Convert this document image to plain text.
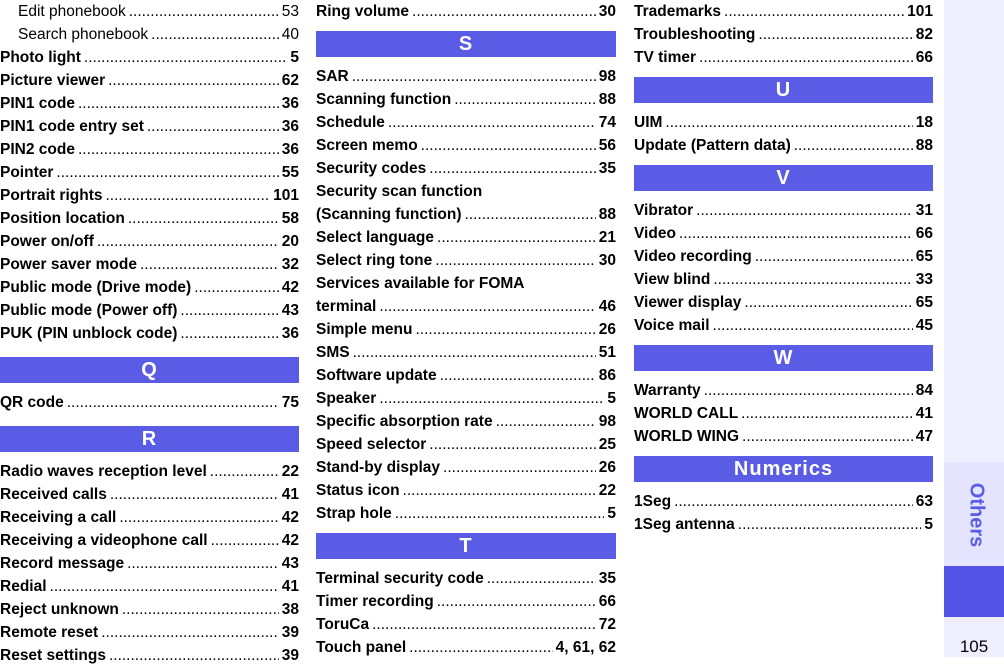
Edit phonebook .....	53
Search phonebook .....	40
Photo light .....	5
Picture viewer .....	62
PIN1 code .....	36
PIN1 code entry set .....	36
PIN2 code .....	36
Pointer .....	55
Portrait rights .....	101
Position location .....	58
Power on/off .....	20
Power saver mode .....	32
Public mode (Drive mode) .....	42
Public mode (Power off) .....	43
PUK (PIN unblock code) .....	36
Q
QR code .....	75
R
Radio waves reception level .....	22
Received calls .....	41
Receiving a call .....	42
Receiving a videophone call .....	42
Record message .....	43
Redial .....	41
Reject unknown .....	38
Remote reset .....	39
Reset settings .....	39
Ring volume .....	30
S
SAR .....	98
Scanning function .....	88
Schedule .....	74
Screen memo .....	56
Security codes .....	35
Security scan function
(Scanning function) .....	88
Select language .....	21
Select ring tone .....	30
Services available for FOMA
terminal .....	46
Simple menu .....	26
SMS .....	51
Software update .....	86
Speaker .....	5
Specific absorption rate .....	98
Speed selector .....	25
Stand-by display .....	26
Status icon .....	22
Strap hole .....	5
T
Terminal security code .....	35
Timer recording .....	66
ToruCa .....	72
Touch panel .....	4, 61, 62
Trademarks .....	101
Troubleshooting .....	82
TV timer .....	66
U
UIM .....	18
Update (Pattern data) .....	88
V
Vibrator .....	31
Video .....	66
Video recording .....	65
View blind .....	33
Viewer display .....	65
Voice mail .....	45
W
Warranty .....	84
WORLD CALL .....	41
WORLD WING .....	47
Numerics
1Seg .....	63
1Seg antenna .....	5 Others
105
